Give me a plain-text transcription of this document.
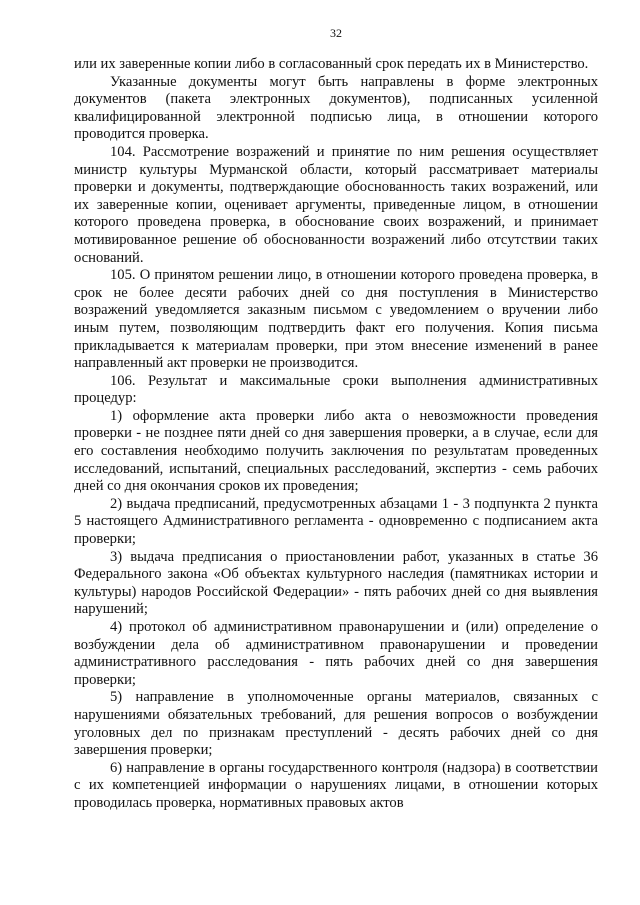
32

или их заверенные копии либо в согласованный срок передать их в Министерство.

Указанные документы могут быть направлены в форме электронных документов (пакета электронных документов), подписанных усиленной квалифицированной электронной подписью лица, в отношении которого проводится проверка.

104. Рассмотрение возражений и принятие по ним решения осуществляет министр культуры Мурманской области, который рассматривает материалы проверки и документы, подтверждающие обоснованность таких возражений, или их заверенные копии, оценивает аргументы, приведенные лицом, в отношении которого проведена проверка, в обоснование своих возражений, и принимает мотивированное решение об обоснованности возражений либо отсутствии таких оснований.

105. О принятом решении лицо, в отношении которого проведена проверка, в срок не более десяти рабочих дней со дня поступления в Министерство возражений уведомляется заказным письмом с уведомлением о вручении либо иным путем, позволяющим подтвердить факт его получения. Копия письма прикладывается к материалам проверки, при этом внесение изменений в ранее направленный акт проверки не производится.

106. Результат и максимальные сроки выполнения административных процедур:

1) оформление акта проверки либо акта о невозможности проведения проверки - не позднее пяти дней со дня завершения проверки, а в случае, если для его составления необходимо получить заключения по результатам проведенных исследований, испытаний, специальных расследований, экспертиз - семь рабочих дней со дня окончания сроков их проведения;

2) выдача предписаний, предусмотренных абзацами 1 - 3 подпункта 2 пункта 5 настоящего Административного регламента - одновременно с подписанием акта проверки;

3) выдача предписания о приостановлении работ, указанных в статье 36 Федерального закона «Об объектах культурного наследия (памятниках истории и культуры) народов Российской Федерации» - пять рабочих дней со дня выявления нарушений;

4) протокол об административном правонарушении и (или) определение о возбуждении дела об административном правонарушении и проведении административного расследования - пять рабочих дней со дня завершения проверки;

5) направление в уполномоченные органы материалов, связанных с нарушениями обязательных требований, для решения вопросов о возбуждении уголовных дел по признакам преступлений - десять рабочих дней со дня завершения проверки;

6) направление в органы государственного контроля (надзора) в соответствии с их компетенцией информации о нарушениях лицами, в отношении которых проводилась проверка, нормативных правовых актов
